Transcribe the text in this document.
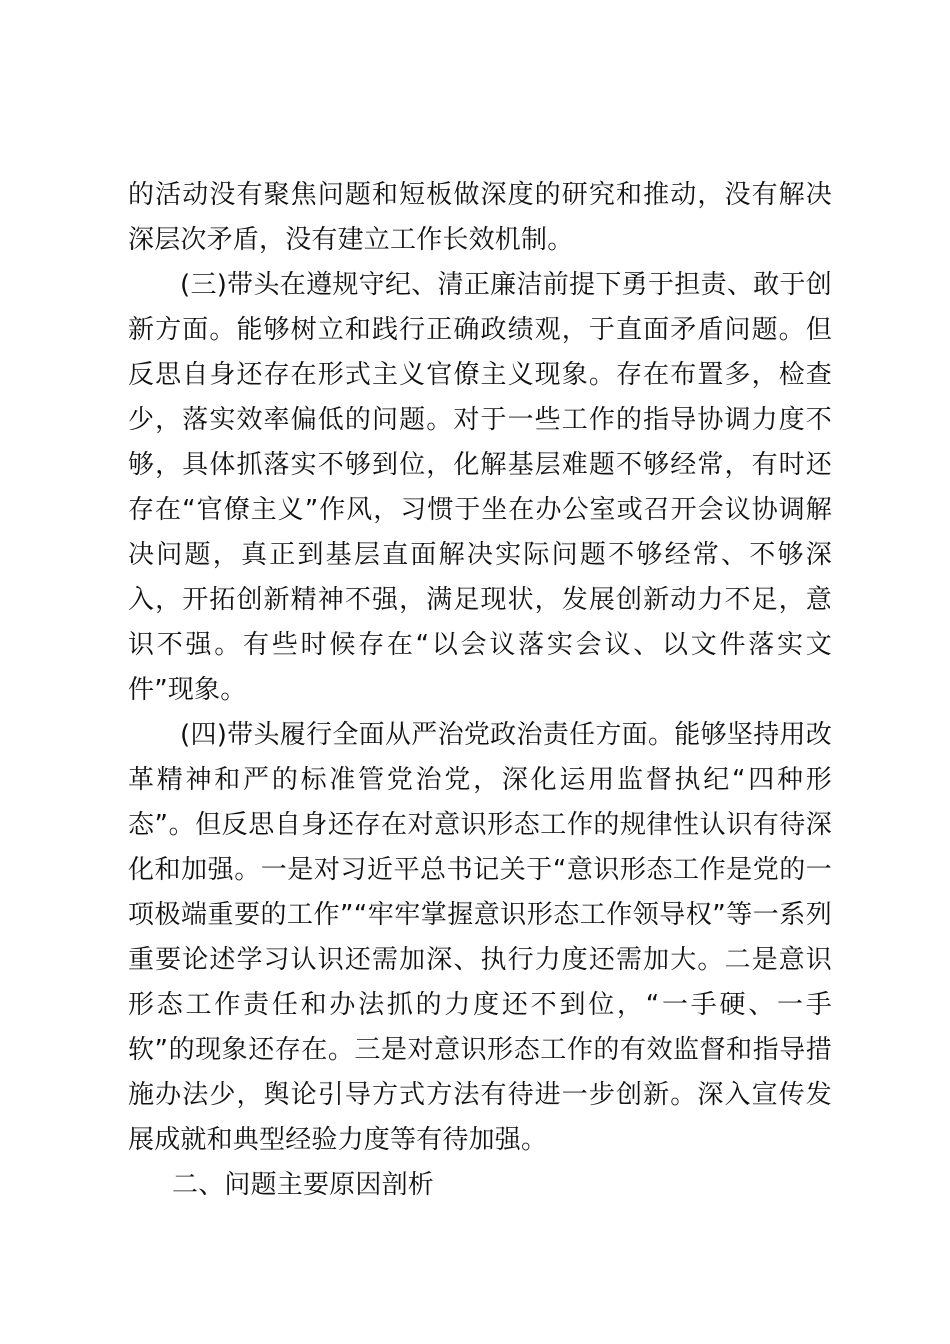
的活动没有聚焦问题和短板做深度的研究和推动，没有解决深层次矛盾，没有建立工作长效机制。

(三)带头在遵规守纪、清正廉洁前提下勇于担责、敢于创新方面。能够树立和践行正确政绩观，于直面矛盾问题。但反思自身还存在形式主义官僚主义现象。存在布置多，检查少，落实效率偏低的问题。对于一些工作的指导协调力度不够，具体抓落实不够到位，化解基层难题不够经常，有时还存在“官僚主义”作风，习惯于坐在办公室或召开会议协调解决问题，真正到基层直面解决实际问题不够经常、不够深入，开拓创新精神不强，满足现状，发展创新动力不足，意识不强。有些时候存在“以会议落实会议、以文件落实文件”现象。

(四)带头履行全面从严治党政治责任方面。能够坚持用改革精神和严的标准管党治党，深化运用监督执纪“四种形态”。但反思自身还存在对意识形态工作的规律性认识有待深化和加强。一是对习近平总书记关于“意识形态工作是党的一项极端重要的工作”“牢牢掌握意识形态工作领导权”等一系列重要论述学习认识还需加深、执行力度还需加大。二是意识形态工作责任和办法抓的力度还不到位，“一手硬、一手软”的现象还存在。三是对意识形态工作的有效监督和指导措施办法少，舆论引导方式方法有待进一步创新。深入宣传发展成就和典型经验力度等有待加强。

二、问题主要原因剖析
